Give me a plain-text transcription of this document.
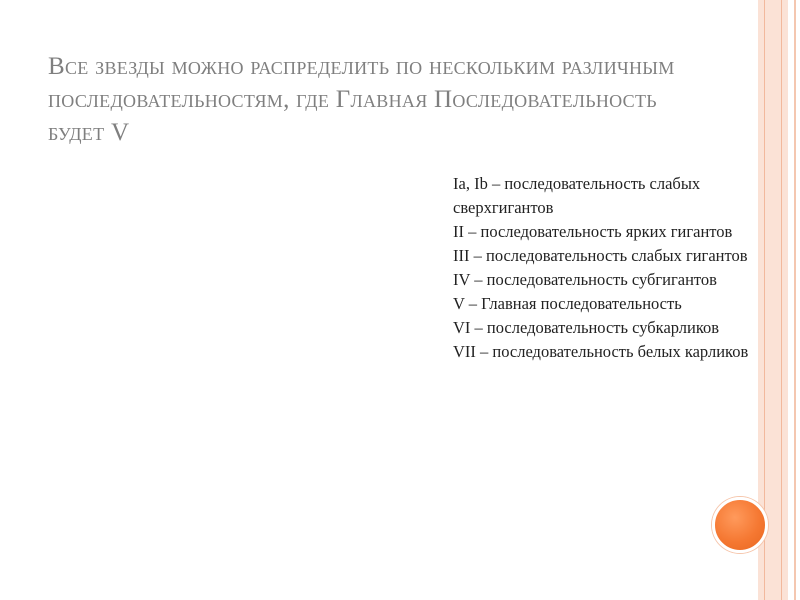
Все звезды можно распределить по нескольким различным последовательностям, где Главная Последовательность будет V
Ia, Ib – последовательность слабых сверхгигантов
II – последовательность ярких гигантов
III – последовательность слабых гигантов
IV – последовательность субгигантов
V – Главная последовательность
VI – последовательность субкарликов
VII – последовательность белых карликов
